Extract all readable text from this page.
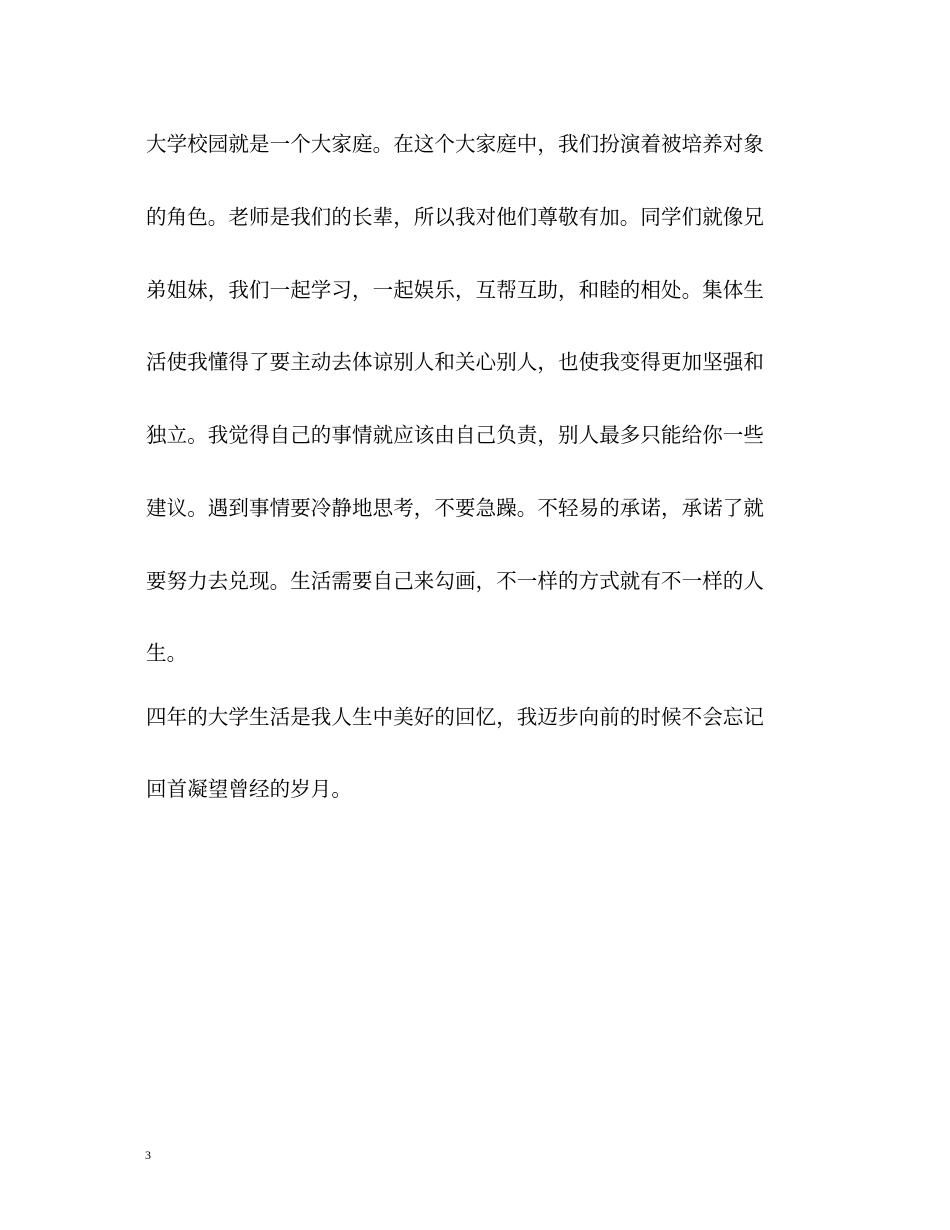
大学校园就是一个大家庭。在这个大家庭中，我们扮演着被培养对象
的角色。老师是我们的长辈，所以我对他们尊敬有加。同学们就像兄
弟姐妹，我们一起学习，一起娱乐，互帮互助，和睦的相处。集体生
活使我懂得了要主动去体谅别人和关心别人，也使我变得更加坚强和
独立。我觉得自己的事情就应该由自己负责，别人最多只能给你一些
建议。遇到事情要冷静地思考，不要急躁。不轻易的承诺，承诺了就
要努力去兑现。生活需要自己来勾画，不一样的方式就有不一样的人
生。
四年的大学生活是我人生中美好的回忆，我迈步向前的时候不会忘记
回首凝望曾经的岁月。
3
